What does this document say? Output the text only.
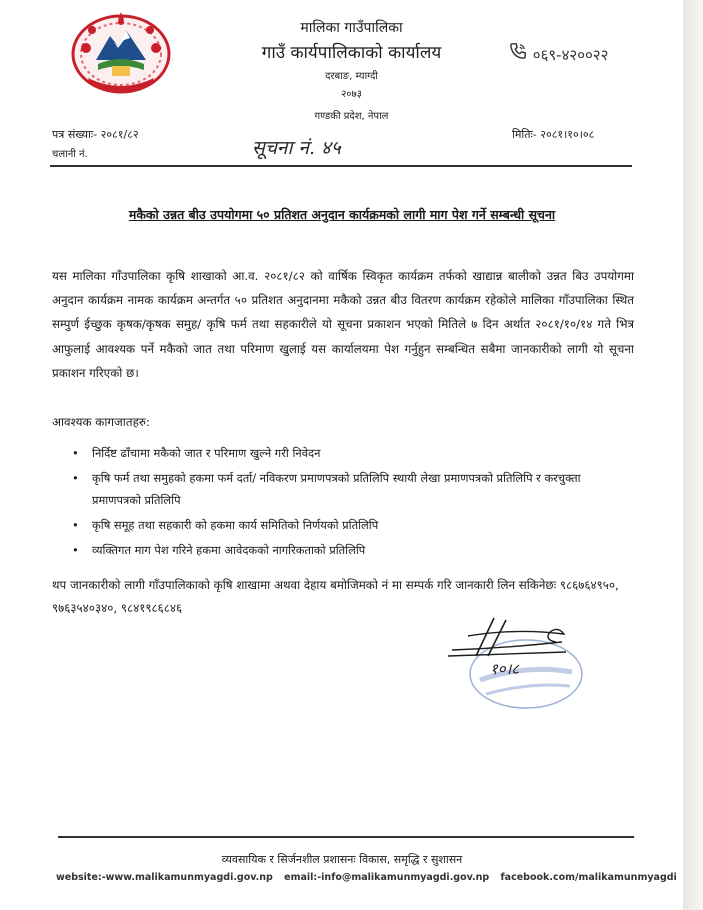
मालिका गाउँपालिका
गाउँ कार्यपालिकाको कार्यालय
दरबाङ, म्याग्दी
२०७३
गण्डकी प्रदेश, नेपाल
०६९-४२००२२
पत्र संख्याः- २०८१/८२
चलानी नं.
मितिः- २०८१।१०।०८
सूचना नं. ४५
मकैको उन्नत बीउ उपयोगमा ५० प्रतिशत अनुदान कार्यक्रमको लागी माग पेश गर्ने सम्बन्धी सूचना
यस मालिका गाँउपालिका कृषि शाखाको आ.व. २०८१/८२ को वार्षिक स्विकृत कार्यक्रम तर्फको खाद्यान्न बालीको उन्नत बिउ उपयोगमा अनुदान कार्यक्रम नामक कार्यक्रम अन्तर्गत ५० प्रतिशत अनुदानमा मकैको उन्नत बीउ वितरण कार्यक्रम रहेकोले मालिका गाँउपालिका स्थित सम्पुर्ण ईच्छुक कृषक/कृषक समुह/ कृषि फर्म तथा सहकारीले यो सूचना प्रकाशन भएको मितिले ७ दिन अर्थात २०८१/१०/१४ गते भित्र आफुलाई आवश्यक पर्ने मकैको जात तथा परिमाण खुलाई यस कार्यालयमा पेश गर्नुहुन सम्बन्धित सबैमा जानकारीको लागी यो सूचना प्रकाशन गरिएको छ।
आवश्यक कागजातहरु:
• निर्दिष्ट ढाँचामा मकैको जात र परिमाण खुल्ने गरी निवेदन
• कृषि फर्म तथा समुहको हकमा फर्म दर्ता/ नविकरण प्रमाणपत्रको प्रतिलिपि स्थायी लेखा प्रमाणपत्रको प्रतिलिपि र करचुक्ता प्रमाणपत्रको प्रतिलिपि
• कृषि समूह तथा सहकारी को हकमा कार्य समितिको निर्णयको प्रतिलिपि
• व्यक्तिगत माग पेश गरिने हकमा आवेदकको नागरिकताको प्रतिलिपि
थप जानकारीको लागी गाँउपालिकाको कृषि शाखामा अथवा देहाय बमोजिमको नं मा सम्पर्क गरि जानकारी लिन सकिनेछः ९८६७६४९५०, ९७६३५४०३४०, ९८४१९८६८४६
१०।८
व्यवसायिक र सिर्जनशील प्रशासनः विकास, समृद्धि र सुशासन
website:-www.malikamunmyagdi.gov.np email:-info@malikamunmyagdi.gov.np facebook.com/malikamunmyagdi
